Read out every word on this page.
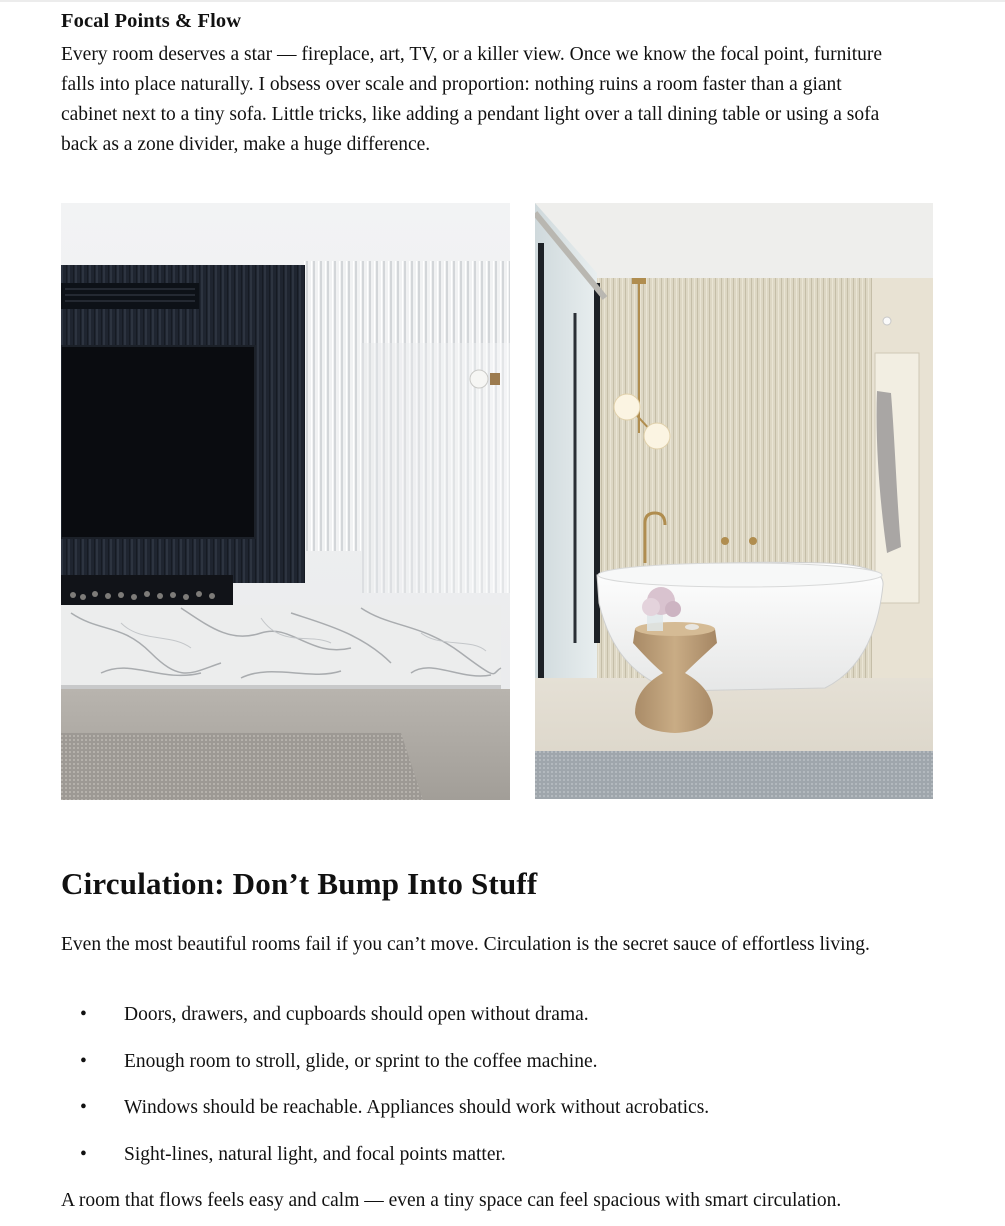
Focal Points & Flow

Every room deserves a star — fireplace, art, TV, or a killer view. Once we know the focal point, furniture falls into place naturally. I obsess over scale and proportion: nothing ruins a room faster than a giant cabinet next to a tiny sofa. Little tricks, like adding a pendant light over a tall dining table or using a sofa back as a zone divider, make a huge difference.

Circulation: Don’t Bump Into Stuff

Even the most beautiful rooms fail if you can’t move. Circulation is the secret sauce of effortless living.

• Doors, drawers, and cupboards should open without drama.
• Enough room to stroll, glide, or sprint to the coffee machine.
• Windows should be reachable. Appliances should work without acrobatics.
• Sight-lines, natural light, and focal points matter.

A room that flows feels easy and calm — even a tiny space can feel spacious with smart circulation.
